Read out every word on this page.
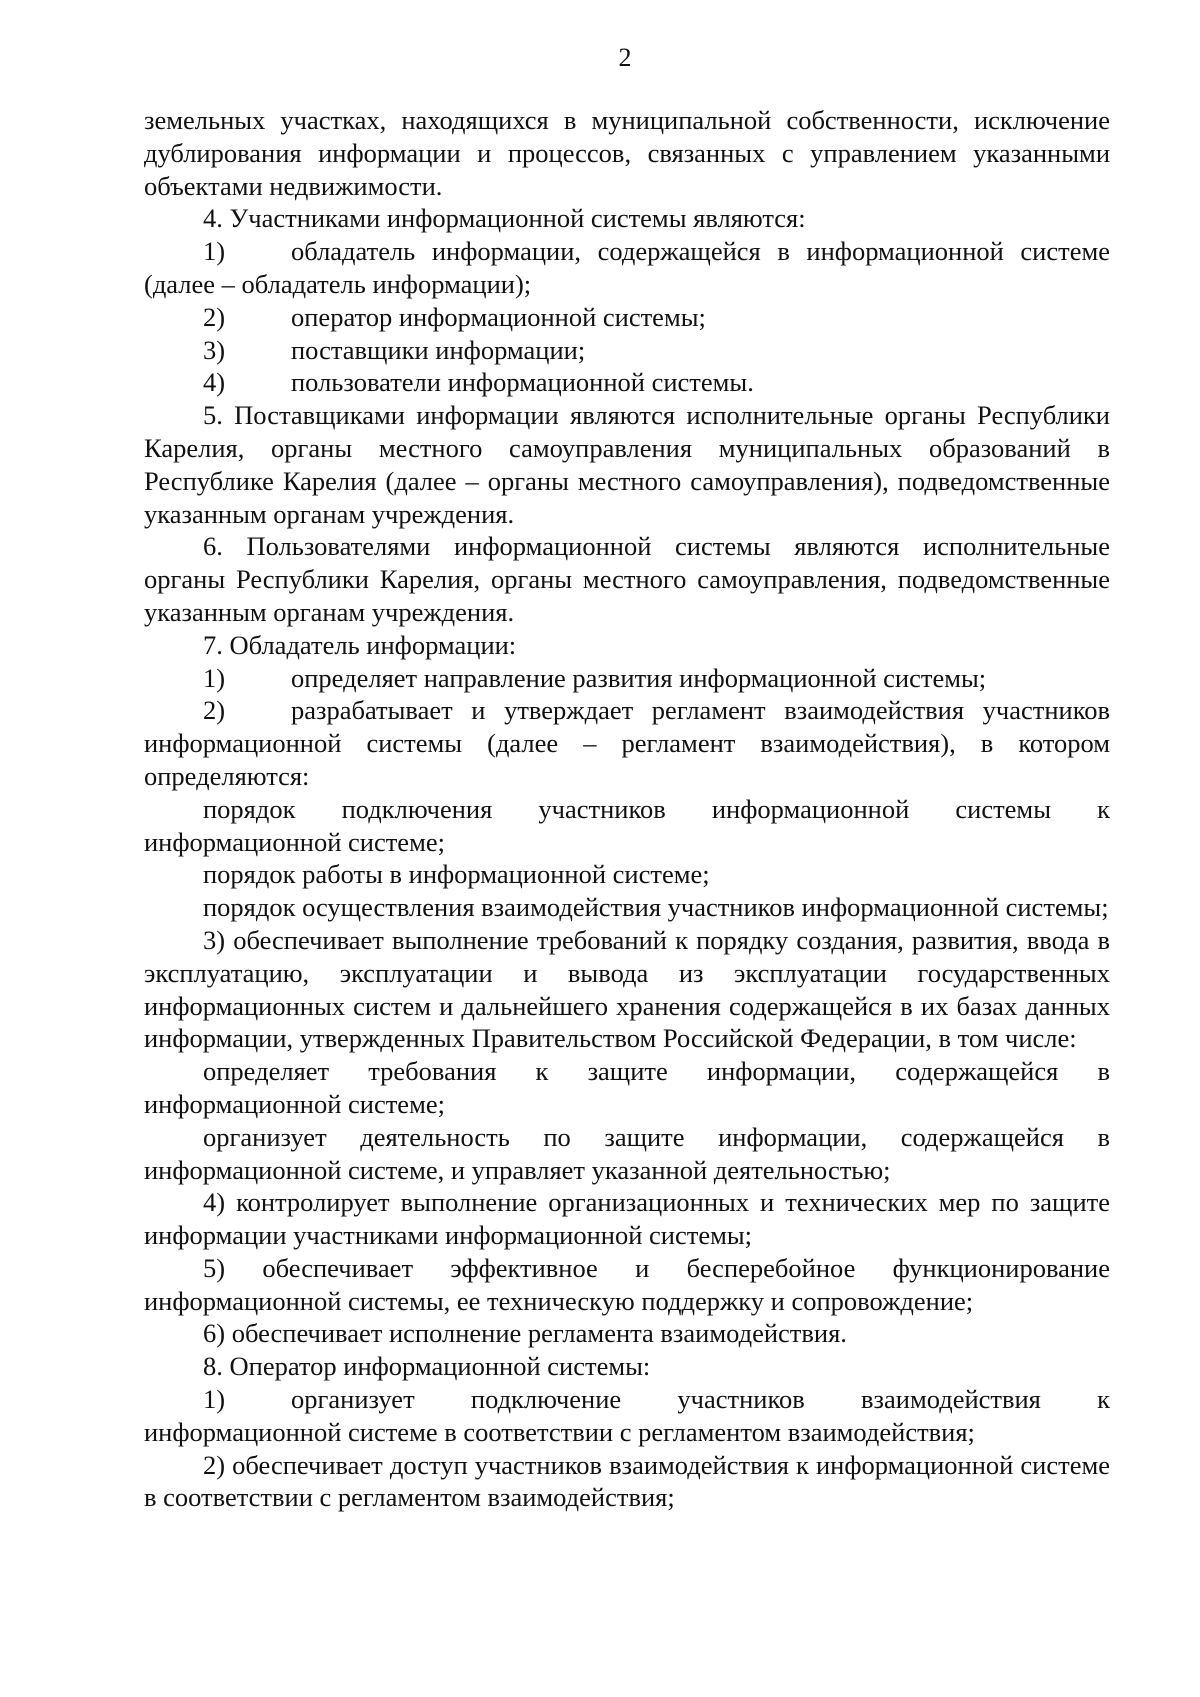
2

земельных участках, находящихся в муниципальной собственности, исключение дублирования информации и процессов, связанных с управлением указанными объектами недвижимости.

4. Участниками информационной системы являются:

1) обладатель информации, содержащейся в информационной системе (далее – обладатель информации);

2)	оператор информационной системы;
3)	поставщики информации;
4)	пользователи информационной системы.

5. Поставщиками информации являются исполнительные органы Республики Карелия, органы местного самоуправления муниципальных образований в Республике Карелия (далее – органы местного самоуправления), подведомственные указанным органам учреждения.

6. Пользователями информационной системы являются исполнительные органы Республики Карелия, органы местного самоуправления, подведомственные указанным органам учреждения.

7. Обладатель информации:

1)	определяет направление развития информационной системы;

2) разрабатывает и утверждает регламент взаимодействия участников информационной системы (далее – регламент взаимодействия), в котором определяются:

порядок подключения участников информационной системы к информационной системе;

порядок работы в информационной системе;

порядок осуществления взаимодействия участников информационной системы;

3) обеспечивает выполнение требований к порядку создания, развития, ввода в эксплуатацию, эксплуатации и вывода из эксплуатации государственных информационных систем и дальнейшего хранения содержащейся в их базах данных информации, утвержденных Правительством Российской Федерации, в том числе:

определяет требования к защите информации, содержащейся в информационной системе;

организует деятельность по защите информации, содержащейся в информационной системе, и управляет указанной деятельностью;

4) контролирует выполнение организационных и технических мер по защите информации участниками информационной системы;

5) обеспечивает эффективное и бесперебойное функционирование информационной системы, ее техническую поддержку и сопровождение;

6) обеспечивает исполнение регламента взаимодействия.

8. Оператор информационной системы:

1) организует подключение участников взаимодействия к информационной системе в соответствии с регламентом взаимодействия;

2) обеспечивает доступ участников взаимодействия к информационной системе в соответствии с регламентом взаимодействия;
